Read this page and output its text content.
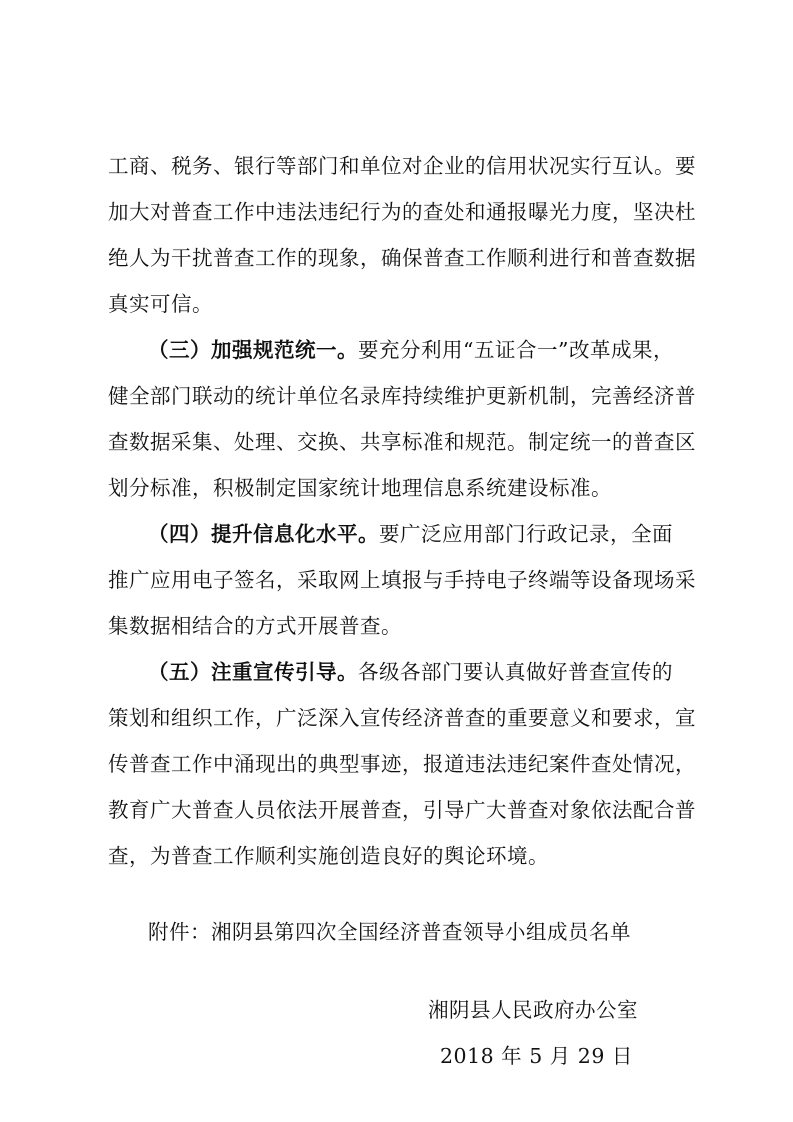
工商、税务、银行等部门和单位对企业的信用状况实行互认。要
加大对普查工作中违法违纪行为的查处和通报曝光力度，坚决杜
绝人为干扰普查工作的现象，确保普查工作顺利进行和普查数据
真实可信。
（三）加强规范统一。要充分利用“五证合一”改革成果，
健全部门联动的统计单位名录库持续维护更新机制，完善经济普
查数据采集、处理、交换、共享标准和规范。制定统一的普查区
划分标准，积极制定国家统计地理信息系统建设标准。
（四）提升信息化水平。要广泛应用部门行政记录，全面
推广应用电子签名，采取网上填报与手持电子终端等设备现场采
集数据相结合的方式开展普查。
（五）注重宣传引导。各级各部门要认真做好普查宣传的
策划和组织工作，广泛深入宣传经济普查的重要意义和要求，宣
传普查工作中涌现出的典型事迹，报道违法违纪案件查处情况，
教育广大普查人员依法开展普查，引导广大普查对象依法配合普
查，为普查工作顺利实施创造良好的舆论环境。
附件：湘阴县第四次全国经济普查领导小组成员名单
湘阴县人民政府办公室
2018 年 5 月 29 日
